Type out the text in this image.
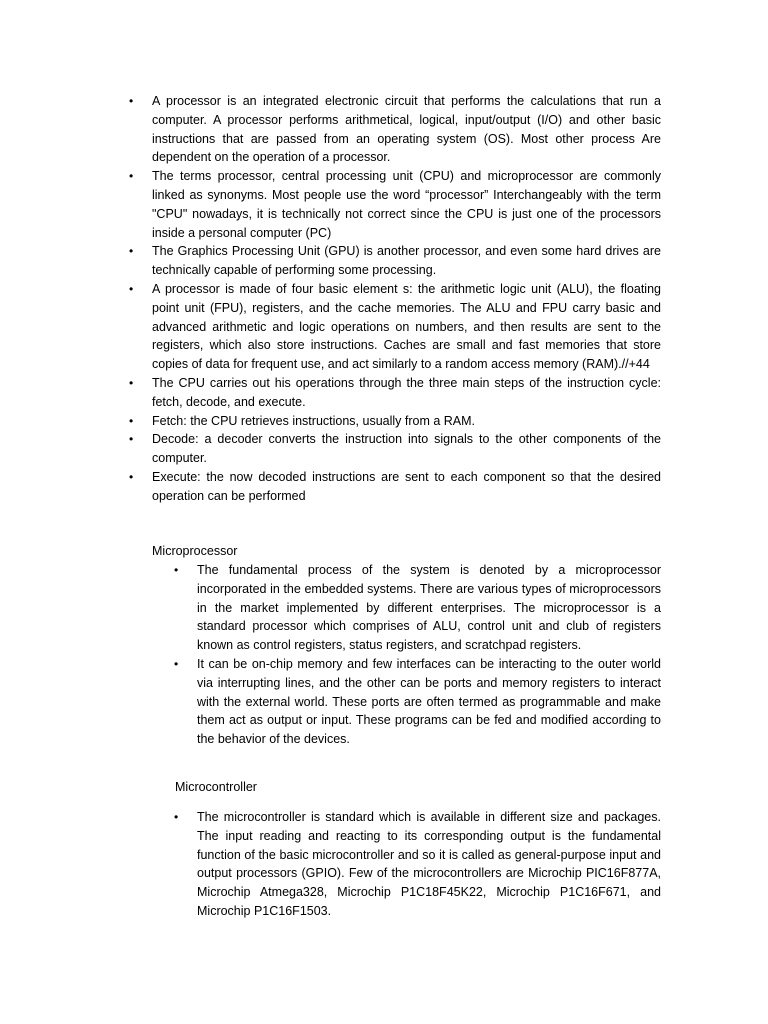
• A processor is an integrated electronic circuit that performs the calculations that run a computer. A processor performs arithmetical, logical, input/output (I/O) and other basic instructions that are passed from an operating system (OS). Most other process Are dependent on the operation of a processor.
• The terms processor, central processing unit (CPU) and microprocessor are commonly linked as synonyms. Most people use the word “processor” Interchangeably with the term "CPU" nowadays, it is technically not correct since the CPU is just one of the processors inside a personal computer (PC)
• The Graphics Processing Unit (GPU) is another processor, and even some hard drives are technically capable of performing some processing.
• A processor is made of four basic element s: the arithmetic logic unit (ALU), the floating point unit (FPU), registers, and the cache memories. The ALU and FPU carry basic and advanced arithmetic and logic operations on numbers, and then results are sent to the registers, which also store instructions. Caches are small and fast memories that store copies of data for frequent use, and act similarly to a random access memory (RAM).//+44
• The CPU carries out his operations through the three main steps of the instruction cycle: fetch, decode, and execute.
• Fetch: the CPU retrieves instructions, usually from a RAM.
• Decode: a decoder converts the instruction into signals to the other components of the computer.
• Execute: the now decoded instructions are sent to each component so that the desired operation can be performed
Microprocessor
• The fundamental process of the system is denoted by a microprocessor incorporated in the embedded systems. There are various types of microprocessors in the market implemented by different enterprises. The microprocessor is a standard processor which comprises of ALU, control unit and club of registers known as control registers, status registers, and scratchpad registers.
• It can be on-chip memory and few interfaces can be interacting to the outer world via interrupting lines, and the other can be ports and memory registers to interact with the external world. These ports are often termed as programmable and make them act as output or input. These programs can be fed and modified according to the behavior of the devices.
Microcontroller
• The microcontroller is standard which is available in different size and packages. The input reading and reacting to its corresponding output is the fundamental function of the basic microcontroller and so it is called as general-purpose input and output processors (GPIO). Few of the microcontrollers are Microchip PIC16F877A, Microchip Atmega328, Microchip P1C18F45K22, Microchip P1C16F671, and Microchip P1C16F1503.
